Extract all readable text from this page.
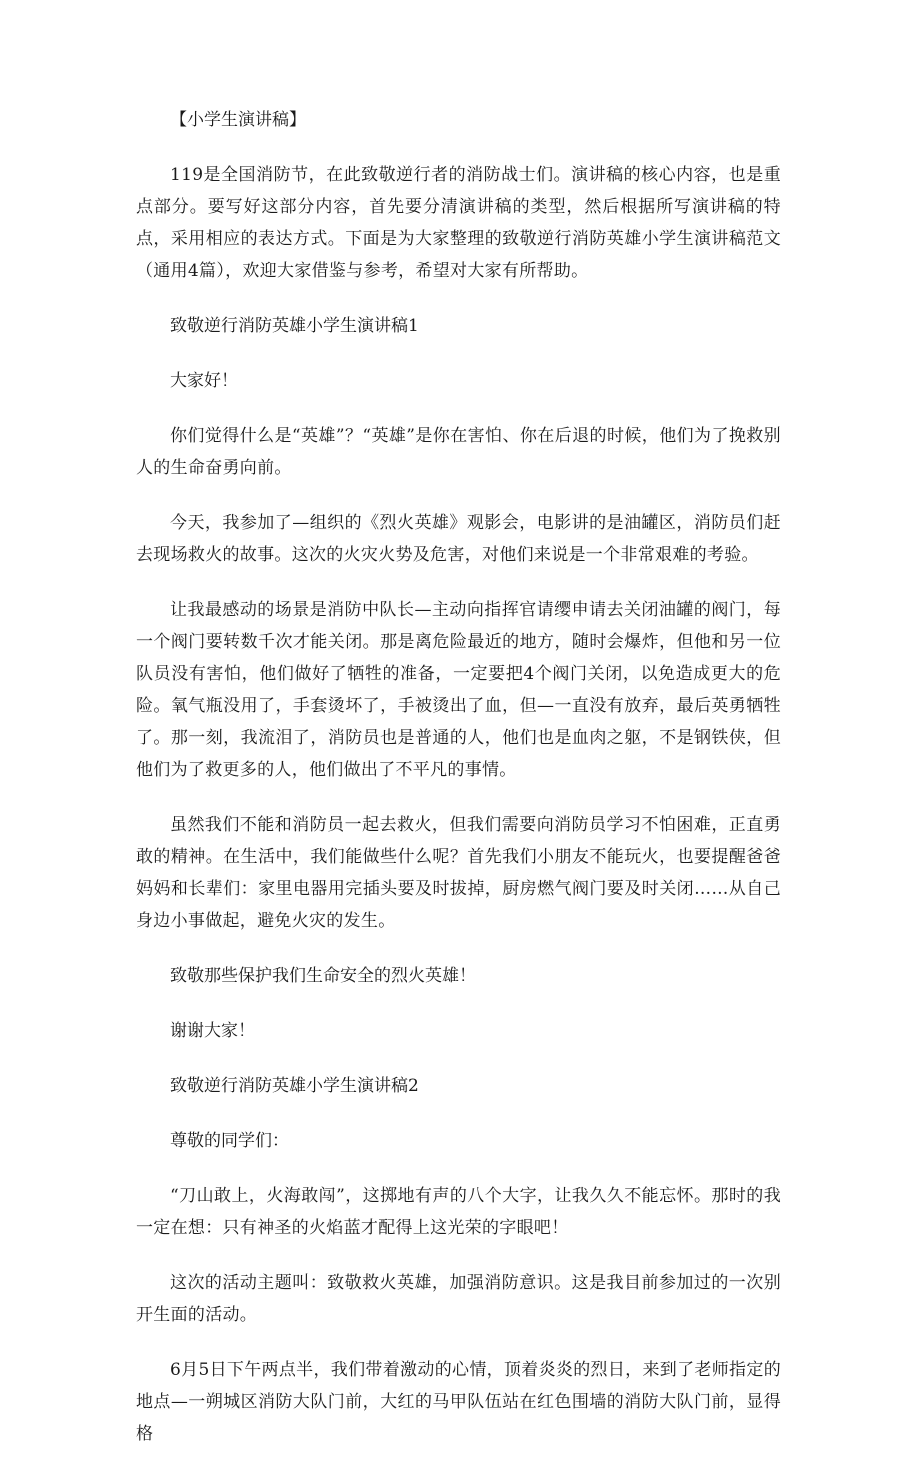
【小学生演讲稿】

119是全国消防节，在此致敬逆行者的消防战士们。演讲稿的核心内容，也是重点部分。要写好这部分内容，首先要分清演讲稿的类型，然后根据所写演讲稿的特点，采用相应的表达方式。下面是为大家整理的致敬逆行消防英雄小学生演讲稿范文（通用4篇），欢迎大家借鉴与参考，希望对大家有所帮助。

致敬逆行消防英雄小学生演讲稿1

大家好！

你们觉得什么是“英雄”？“英雄”是你在害怕、你在后退的时候，他们为了挽救别人的生命奋勇向前。

今天，我参加了—组织的《烈火英雄》观影会，电影讲的是油罐区，消防员们赶去现场救火的故事。这次的火灾火势及危害，对他们来说是一个非常艰难的考验。

让我最感动的场景是消防中队长—主动向指挥官请缨申请去关闭油罐的阀门，每一个阀门要转数千次才能关闭。那是离危险最近的地方，随时会爆炸，但他和另一位队员没有害怕，他们做好了牺牲的准备，一定要把4个阀门关闭，以免造成更大的危险。氧气瓶没用了，手套烫坏了，手被烫出了血，但—一直没有放弃，最后英勇牺牲了。那一刻，我流泪了，消防员也是普通的人，他们也是血肉之躯，不是钢铁侠，但他们为了救更多的人，他们做出了不平凡的事情。

虽然我们不能和消防员一起去救火，但我们需要向消防员学习不怕困难，正直勇敢的精神。在生活中，我们能做些什么呢？首先我们小朋友不能玩火，也要提醒爸爸妈妈和长辈们：家里电器用完插头要及时拔掉，厨房燃气阀门要及时关闭……从自己身边小事做起，避免火灾的发生。

致敬那些保护我们生命安全的烈火英雄！

谢谢大家！

致敬逆行消防英雄小学生演讲稿2

尊敬的同学们：

“刀山敢上，火海敢闯”，这掷地有声的八个大字，让我久久不能忘怀。那时的我一定在想：只有神圣的火焰蓝才配得上这光荣的字眼吧！

这次的活动主题叫：致敬救火英雄，加强消防意识。这是我目前参加过的一次别开生面的活动。

6月5日下午两点半，我们带着激动的心情，顶着炎炎的烈日，来到了老师指定的地点—一朔城区消防大队门前，大红的马甲队伍站在红色围墙的消防大队门前，显得格
